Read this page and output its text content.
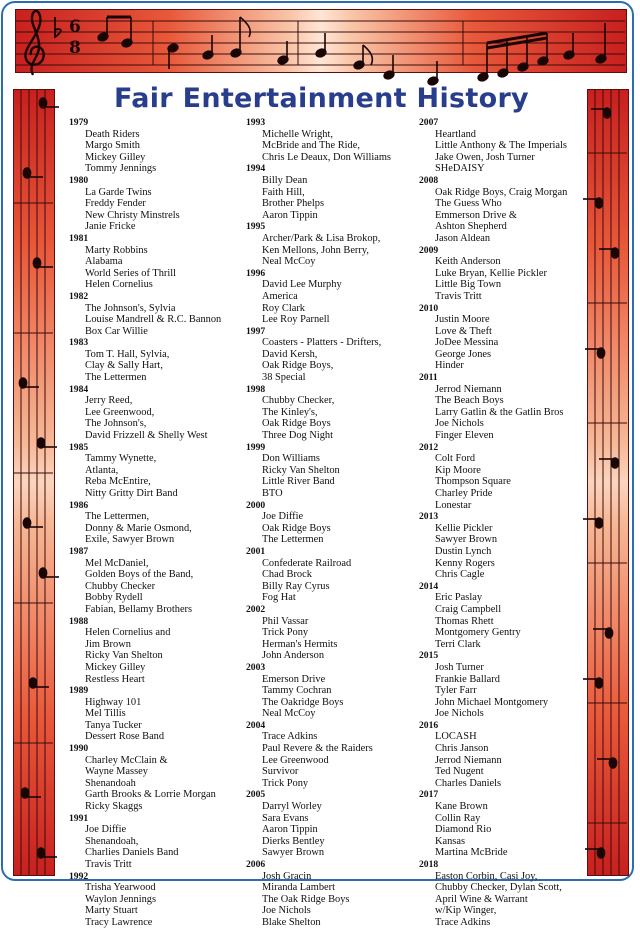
6
8
Fair Entertainment History
1979
Death Riders
Margo Smith
Mickey Gilley
Tommy Jennings
1980
La Garde Twins
Freddy Fender
New Christy Minstrels
Janie Fricke
1981
Marty Robbins
Alabama
World Series of Thrill
Helen Cornelius
1982
The Johnson's, Sylvia
Louise Mandrell & R.C. Bannon
Box Car Willie
1983
Tom T. Hall, Sylvia,
Clay & Sally Hart,
The Lettermen
1984
Jerry Reed,
Lee Greenwood,
The Johnson's,
David Frizzell & Shelly West
1985
Tammy Wynette,
Atlanta,
Reba McEntire,
Nitty Gritty Dirt Band
1986
The Lettermen,
Donny & Marie Osmond,
Exile, Sawyer Brown
1987
Mel McDaniel,
Golden Boys of the Band,
Chubby Checker
Bobby Rydell
Fabian, Bellamy Brothers
1988
Helen Cornelius and
Jim Brown
Ricky Van Shelton
Mickey Gilley
Restless Heart
1989
Highway 101
Mel Tillis
Tanya Tucker
Dessert Rose Band
1990
Charley McClain &
Wayne Massey
Shenandoah
Garth Brooks & Lorrie Morgan
Ricky Skaggs
1991
Joe Diffie
Shenandoah,
Charlies Daniels Band
Travis Tritt
1992
Trisha Yearwood
Waylon Jennings
Marty Stuart
Tracy Lawrence
1993
Michelle Wright,
McBride and The Ride,
Chris Le Deaux, Don Williams
1994
Billy Dean
Faith Hill,
Brother Phelps
Aaron Tippin
1995
Archer/Park & Lisa Brokop,
Ken Mellons, John Berry,
Neal McCoy
1996
David Lee Murphy
America
Roy Clark
Lee Roy Parnell
1997
Coasters - Platters - Drifters,
David Kersh,
Oak Ridge Boys,
38 Special
1998
Chubby Checker,
The Kinley's,
Oak Ridge Boys
Three Dog Night
1999
Don Williams
Ricky Van Shelton
Little River Band
BTO
2000
Joe Diffie
Oak Ridge Boys
The Lettermen
2001
Confederate Railroad
Chad Brock
Billy Ray Cyrus
Fog Hat
2002
Phil Vassar
Trick Pony
Herman's Hermits
John Anderson
2003
Emerson Drive
Tammy Cochran
The Oakridge Boys
Neal McCoy
2004
Trace Adkins
Paul Revere & the Raiders
Lee Greenwood
Survivor
Trick Pony
2005
Darryl Worley
Sara Evans
Aaron Tippin
Dierks Bentley
Sawyer Brown
2006
Josh Gracin
Miranda Lambert
The Oak Ridge Boys
Joe Nichols
Blake Shelton
2007
Heartland
Little Anthony & The Imperials
Jake Owen, Josh Turner
SHeDAISY
2008
Oak Ridge Boys, Craig Morgan
The Guess Who
Emmerson Drive &
Ashton Shepherd
Jason Aldean
2009
Keith Anderson
Luke Bryan, Kellie Pickler
Little Big Town
Travis Tritt
2010
Justin Moore
Love & Theft
JoDee Messina
George Jones
Hinder
2011
Jerrod Niemann
The Beach Boys
Larry Gatlin & the Gatlin Bros
Joe Nichols
Finger Eleven
2012
Colt Ford
Kip Moore
Thompson Square
Charley Pride
Lonestar
2013
Kellie Pickler
Sawyer Brown
Dustin Lynch
Kenny Rogers
Chris Cagle
2014
Eric Paslay
Craig Campbell
Thomas Rhett
Montgomery Gentry
Terri Clark
2015
Josh Turner
Frankie Ballard
Tyler Farr
John Michael Montgomery
Joe Nichols
2016
LOCASH
Chris Janson
Jerrod Niemann
Ted Nugent
Charles Daniels
2017
Kane Brown
Collin Ray
Diamond Rio
Kansas
Martina McBride
2018
Easton Corbin, Casi Joy,
Chubby Checker, Dylan Scott,
April Wine & Warrant
w/Kip Winger,
Trace Adkins
